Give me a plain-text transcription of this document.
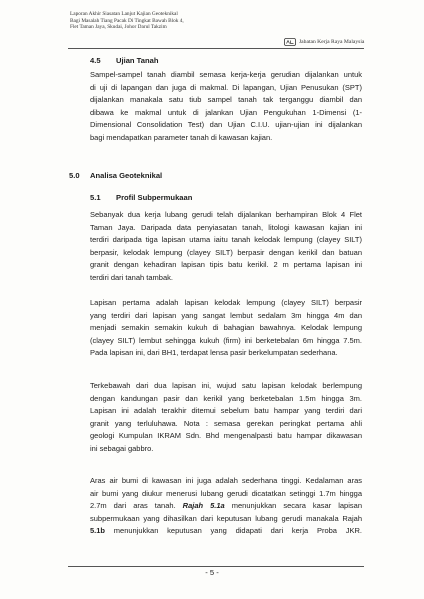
Laporan Akhir Siasatan Lanjut Kajian Geoteknikal
Bagi Masalah Tiang Pacak Di Tingkat Bawah Blok 4,
Flet Taman Jaya, Skudai, Johor Darul Takzim
Jabatan Kerja Raya Malaysia
4.5 Ujian Tanah
Sampel-sampel tanah diambil semasa kerja-kerja gerudian dijalankan untuk
di uji di lapangan dan juga di makmal. Di lapangan, Ujian Penusukan (SPT)
dijalankan manakala satu tiub sampel tanah tak terganggu diambil dan
dibawa ke makmal untuk di jalankan Ujian Pengukuhan 1-Dimensi (1-
Dimensional Consolidation Test) dan Ujian C.I.U. ujian-ujian ini dijalankan
bagi mendapatkan parameter tanah di kawasan kajian.
5.0 Analisa Geoteknikal
5.1 Profil Subpermukaan
Sebanyak dua kerja lubang gerudi telah dijalankan berhampiran Blok 4 Flet
Taman Jaya. Daripada data penyiasatan tanah, litologi kawasan kajian ini
terdiri daripada tiga lapisan utama iaitu tanah kelodak lempung (clayey SILT)
berpasir, kelodak lempung (clayey SILT) berpasir dengan kerikil dan batuan
granit dengan kehadiran lapisan tipis batu kerikil. 2 m pertama lapisan ini
terdiri dari tanah tambak.
Lapisan pertama adalah lapisan kelodak lempung (clayey SILT) berpasir
yang terdiri dari lapisan yang sangat lembut sedalam 3m hingga 4m dan
menjadi semakin semakin kukuh di bahagian bawahnya. Kelodak lempung
(clayey SILT) lembut sehingga kukuh (firm) ini berketebalan 6m hingga 7.5m.
Pada lapisan ini, dari BH1, terdapat lensa pasir berkelumpatan sederhana.
Terkebawah dari dua lapisan ini, wujud satu lapisan kelodak berlempung
dengan kandungan pasir dan kerikil yang berketebalan 1.5m hingga 3m.
Lapisan ini adalah terakhir ditemui sebelum batu hampar yang terdiri dari
granit yang terluluhawa. Nota : semasa gerekan peringkat pertama ahli
geologi Kumpulan IKRAM Sdn. Bhd mengenalpasti batu hampar dikawasan
ini sebagai gabbro.
Aras air bumi di kawasan ini juga adalah sederhana tinggi. Kedalaman aras
air bumi yang diukur menerusi lubang gerudi dicatatkan setinggi 1.7m hingga
2.7m dari aras tanah. Rajah 5.1a menunjukkan secara kasar lapisan
subpermukaan yang dihasilkan dari keputusan lubang gerudi manakala Rajah
5.1b menunjukkan keputusan yang didapati dari kerja Proba JKR.
- 5 -
